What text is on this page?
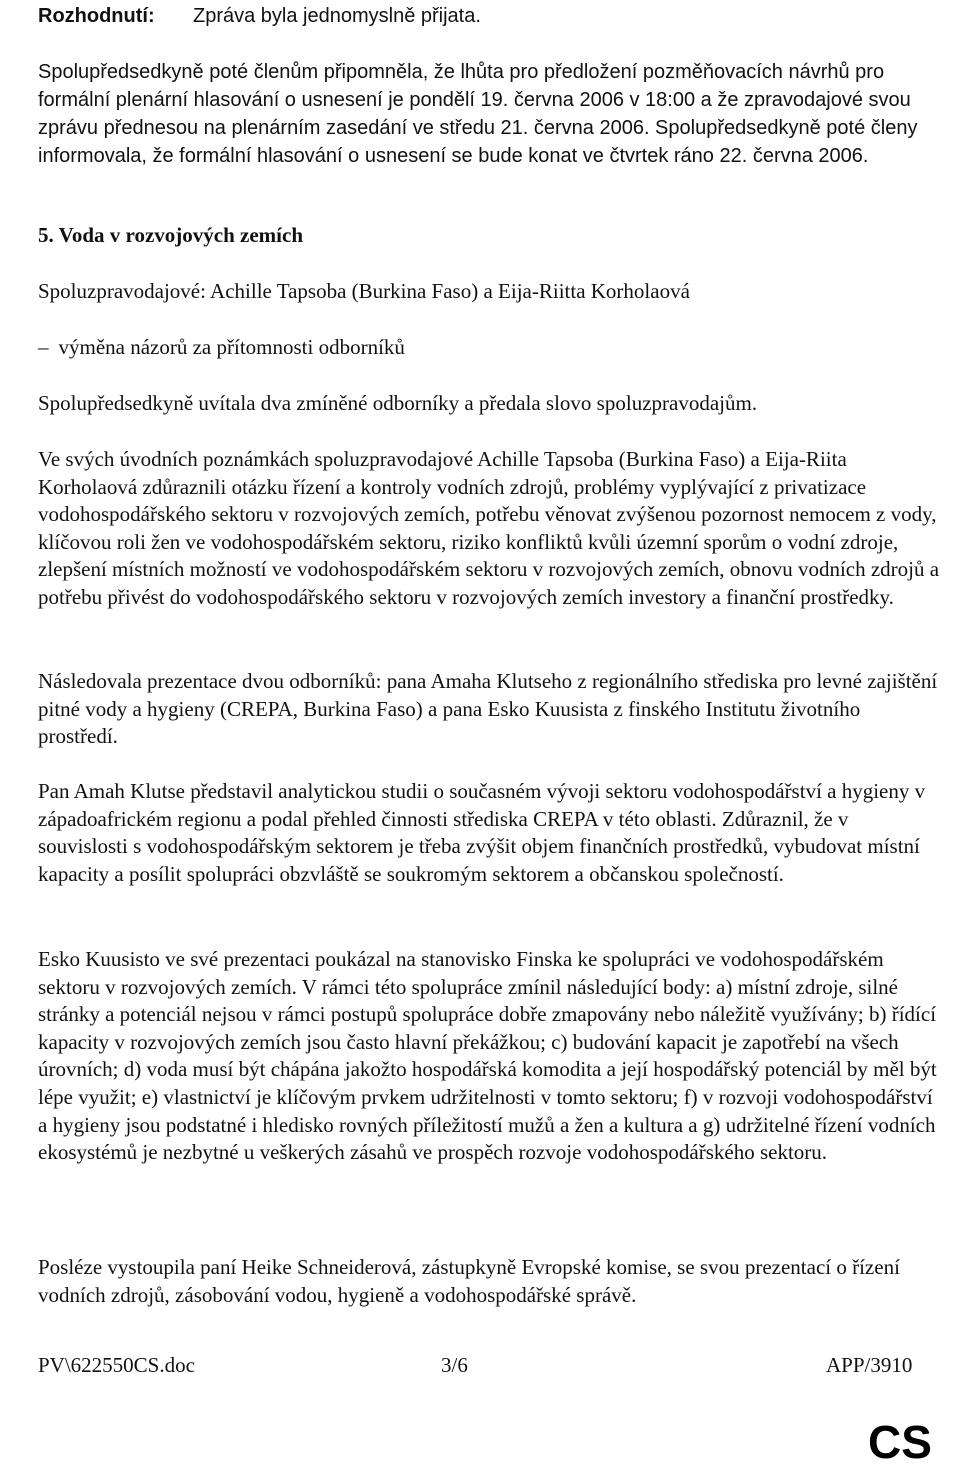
Rozhodnutí:	Zpráva byla jednomyslně přijata.

Spolupředsedkyně poté členům připomněla, že lhůta pro předložení pozměňovacích návrhů pro formální plenární hlasování o usnesení je pondělí 19. června 2006 v 18:00 a že zpravodajové svou zprávu přednesou na plenárním zasedání ve středu 21. června 2006. Spolupředsedkyně poté členy informovala, že formální hlasování o usnesení se bude konat ve čtvrtek ráno 22. června 2006.

5. Voda v rozvojových zemích

Spoluzpravodajové: Achille Tapsoba (Burkina Faso) a Eija-Riitta Korholaová

– výměna názorů za přítomnosti odborníků

Spolupředsedkyně uvítala dva zmíněné odborníky a předala slovo spoluzpravodajům.

Ve svých úvodních poznámkách spoluzpravodajové Achille Tapsoba (Burkina Faso) a Eija-Riita Korholaová zdůraznili otázku řízení a kontroly vodních zdrojů, problémy vyplývající z privatizace vodohospodářského sektoru v rozvojových zemích, potřebu věnovat zvýšenou pozornost nemocem z vody, klíčovou roli žen ve vodohospodářském sektoru, riziko konfliktů kvůli územní sporům o vodní zdroje, zlepšení místních možností ve vodohospodářském sektoru v rozvojových zemích, obnovu vodních zdrojů a potřebu přivést do vodohospodářského sektoru v rozvojových zemích investory a finanční prostředky.

Následovala prezentace dvou odborníků: pana Amaha Klutseho z regionálního střediska pro levné zajištění pitné vody a hygieny (CREPA, Burkina Faso) a pana Esko Kuusista z finského Institutu životního prostředí.

Pan Amah Klutse představil analytickou studii o současném vývoji sektoru vodohospodářství a hygieny v západoafrickém regionu a podal přehled činnosti střediska CREPA v této oblasti. Zdůraznil, že v souvislosti s vodohospodářským sektorem je třeba zvýšit objem finančních prostředků, vybudovat místní kapacity a posílit spolupráci obzvláště se soukromým sektorem a občanskou společností.

Esko Kuusisto ve své prezentaci poukázal na stanovisko Finska ke spolupráci ve vodohospodářském sektoru v rozvojových zemích. V rámci této spolupráce zmínil následující body: a) místní zdroje, silné stránky a potenciál nejsou v rámci postupů spolupráce dobře zmapovány nebo náležitě využívány; b) řídící kapacity v rozvojových zemích jsou často hlavní překážkou; c) budování kapacit je zapotřebí na všech úrovních; d) voda musí být chápána jakožto hospodářská komodita a její hospodářský potenciál by měl být lépe využit; e) vlastnictví je klíčovým prvkem udržitelnosti v tomto sektoru; f) v rozvoji vodohospodářství a hygieny jsou podstatné i hledisko rovných příležitostí mužů a žen a kultura a g) udržitelné řízení vodních ekosystémů je nezbytné u veškerých zásahů ve prospěch rozvoje vodohospodářského sektoru.

Posléze vystoupila paní Heike Schneiderová, zástupkyně Evropské komise, se svou prezentací o řízení vodních zdrojů, zásobování vodou, hygieně a vodohospodářské správě.

PV\622550CS.doc	3/6	APP/3910
CS
